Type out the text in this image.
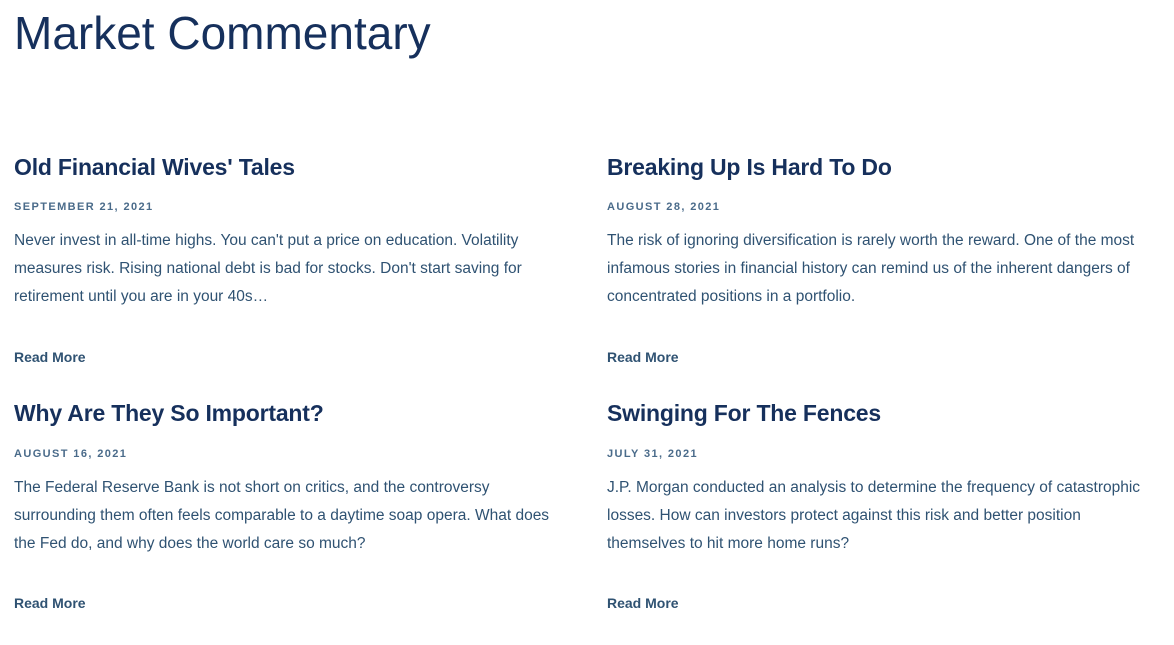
Market Commentary
Old Financial Wives' Tales
SEPTEMBER 21, 2021

Never invest in all-time highs. You can't put a price on education. Volatility measures risk. Rising national debt is bad for stocks. Don't start saving for retirement until you are in your 40s…

Read More
Breaking Up Is Hard To Do
AUGUST 28, 2021

The risk of ignoring diversification is rarely worth the reward. One of the most infamous stories in financial history can remind us of the inherent dangers of concentrated positions in a portfolio.

Read More
Why Are They So Important?
AUGUST 16, 2021

The Federal Reserve Bank is not short on critics, and the controversy surrounding them often feels comparable to a daytime soap opera. What does the Fed do, and why does the world care so much?

Read More
Swinging For The Fences
JULY 31, 2021

J.P. Morgan conducted an analysis to determine the frequency of catastrophic losses. How can investors protect against this risk and better position themselves to hit more home runs?

Read More
